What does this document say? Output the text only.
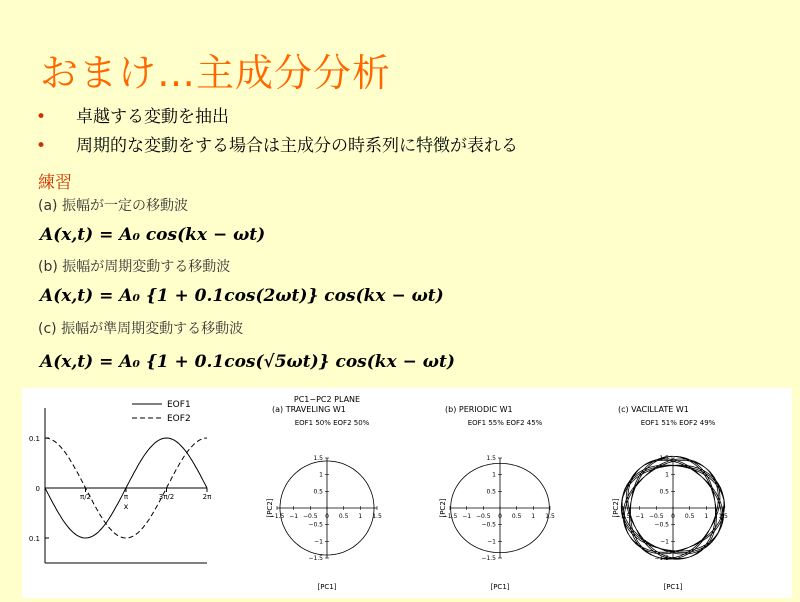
おまけ…主成分分析
• 卓越する変動を抽出
• 周期的な変動をする場合は主成分の時系列に特徴が表れる
練習
(a) 振幅が一定の移動波
A(x,t) = A₀ cos(kx − ωt)
(b) 振幅が周期変動する移動波
A(x,t) = A₀ {1 + 0.1cos(2ωt)} cos(kx − ωt)
(c) 振幅が準周期変動する移動波
A(x,t) = A₀ {1 + 0.1cos(√5ωt)} cos(kx − ωt)
0.1
0
0.1
π/2	π	3π/2	2π
x
EOF1
EOF2
PC1−PC2 PLANE
(a) TRAVELING W1
EOF1 50% EOF2 50%
−1.5
−1.5
−1
−1
−0.5
−0.5
0 0.5
0.5
1
1
1.5
1.5
[PC1]
[PC2]
(b) PERIODIC W1
EOF1 55% EOF2 45%
−1.5
−1.5
−1
−1
−0.5
−0.5
0 0.5
0.5
1
1
1.5
1.5
[PC1]
[PC2]
(c) VACILLATE W1
EOF1 51% EOF2 49%
−1.5
−1.5
−1
−1
−0.5
−0.5
0 0.5
0.5
1
1
1.5
1.5
[PC1]
[PC2]
